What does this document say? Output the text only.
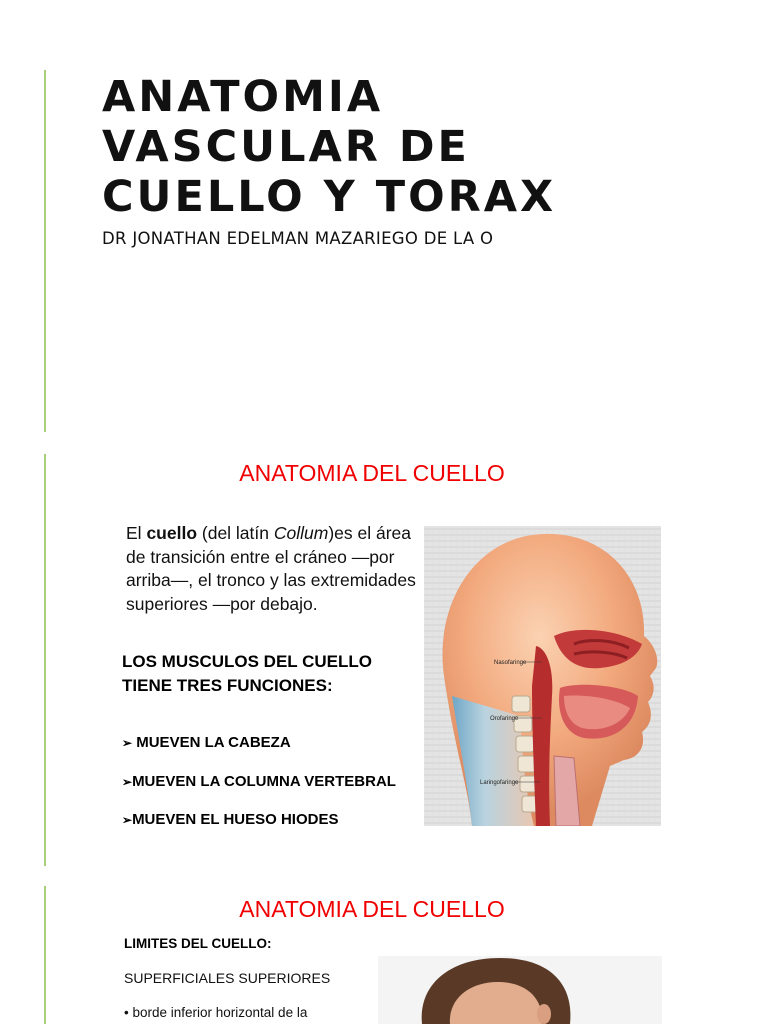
ANATOMIA
VASCULAR DE
CUELLO Y TORAX
DR JONATHAN EDELMAN MAZARIEGO DE LA O
ANATOMIA DEL CUELLO

El cuello (del latín Collum)es el área de transición entre el cráneo —por arriba—, el tronco y las extremidades superiores —por debajo.

LOS MUSCULOS DEL CUELLO TIENE TRES FUNCIONES:

➢ MUEVEN LA CABEZA
➢MUEVEN LA COLUMNA VERTEBRAL
➢MUEVEN EL HUESO HIODES
Nasofaringe
Orofaringe
Laringofaringe
ANATOMIA DEL CUELLO

LIMITES DEL CUELLO:

SUPERFICIALES SUPERIORES
• borde inferior horizontal de la
